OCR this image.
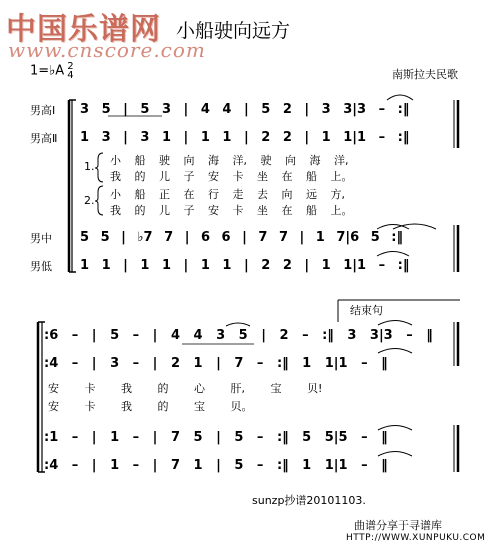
中国乐谱网
www.cnscore.com
小船驶向远方
1=♭A 2
4	南斯拉夫民歌
男高Ⅰ 3 5 | 5 3 | 4 4 | 5 2 | 3 3|3 – :‖
男高Ⅱ 1 3 | 3 1 | 1 1 | 2 2 | 1 1|1 – :‖
1. 小 船 驶 向 海 洋, 驶 向 海 洋,
我 的 儿 子 安 卡 坐 在 船 上。
2. 小 船 正 在 行 走 去 向 远 方,
我 的 儿 子 安 卡 坐 在 船 上。
男中 5 5 | ♭7 7 | 6 6 | 7 7 | 1 7|6 5 :‖
男低 1 1 | 1 1 | 1 1 | 2 2 | 1 1|1 – :‖
结束句
:6 – | 5 – | 4 4 3 5 | 2 – :‖ 3 3|3 – ‖
:4 – | 3 – | 2 1 | 7 – :‖ 1 1|1 – ‖
安 卡 我 的 心 肝, 宝 贝!
安 卡 我 的 宝 贝。
:1 – | 1 – | 7 5 | 5 – :‖ 5 5|5 – ‖
:4 – | 1 – | 7 1 | 5 – :‖ 1 1|1 – ‖
sunzp抄谱20101103.
曲谱分享于寻谱库
HTTP://WWW.XUNPUKU.COM
